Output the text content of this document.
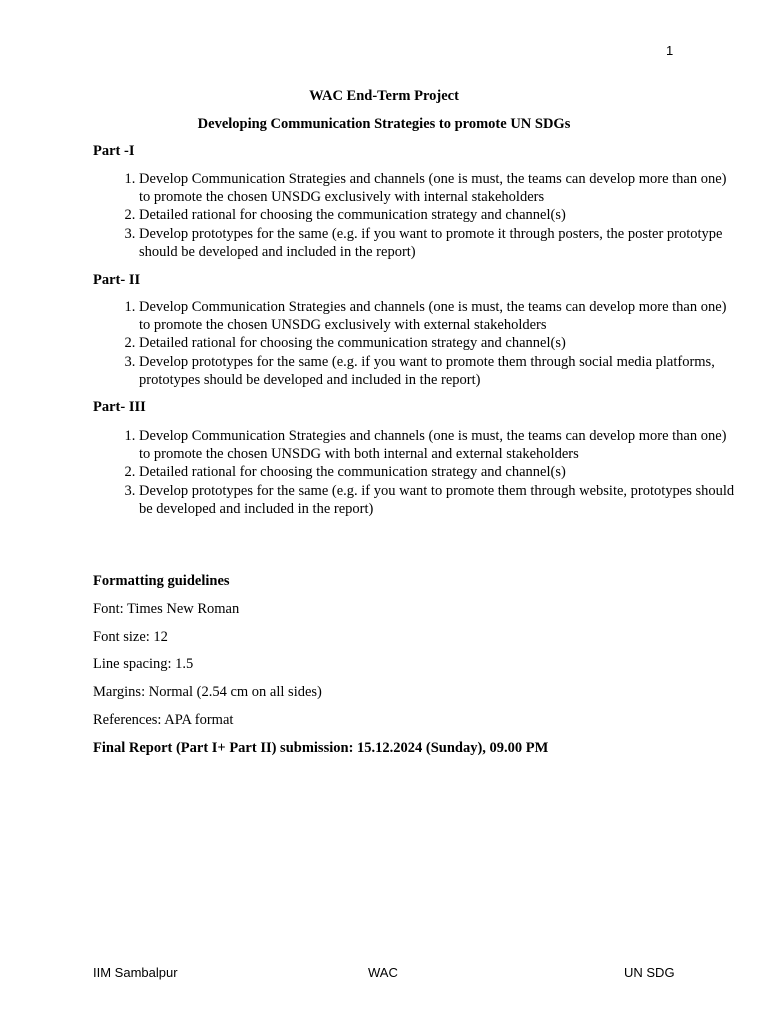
1
WAC End-Term Project
Developing Communication Strategies to promote UN SDGs
Part -I
1. Develop Communication Strategies and channels (one is must, the teams can develop more than one) to promote the chosen UNSDG exclusively with internal stakeholders
2. Detailed rational for choosing the communication strategy and channel(s)
3. Develop prototypes for the same (e.g. if you want to promote it through posters, the poster prototype should be developed and included in the report)
Part- II
1. Develop Communication Strategies and channels (one is must, the teams can develop more than one) to promote the chosen UNSDG exclusively with external stakeholders
2. Detailed rational for choosing the communication strategy and channel(s)
3. Develop prototypes for the same (e.g. if you want to promote them through social media platforms, prototypes should be developed and included in the report)
Part- III
1. Develop Communication Strategies and channels (one is must, the teams can develop more than one) to promote the chosen UNSDG with both internal and external stakeholders
2. Detailed rational for choosing the communication strategy and channel(s)
3. Develop prototypes for the same (e.g. if you want to promote them through website, prototypes should be developed and included in the report)
Formatting guidelines
Font: Times New Roman
Font size: 12
Line spacing: 1.5
Margins: Normal (2.54 cm on all sides)
References: APA format
Final Report (Part I+ Part II) submission: 15.12.2024 (Sunday), 09.00 PM
IIM Sambalpur	WAC	UN SDG
